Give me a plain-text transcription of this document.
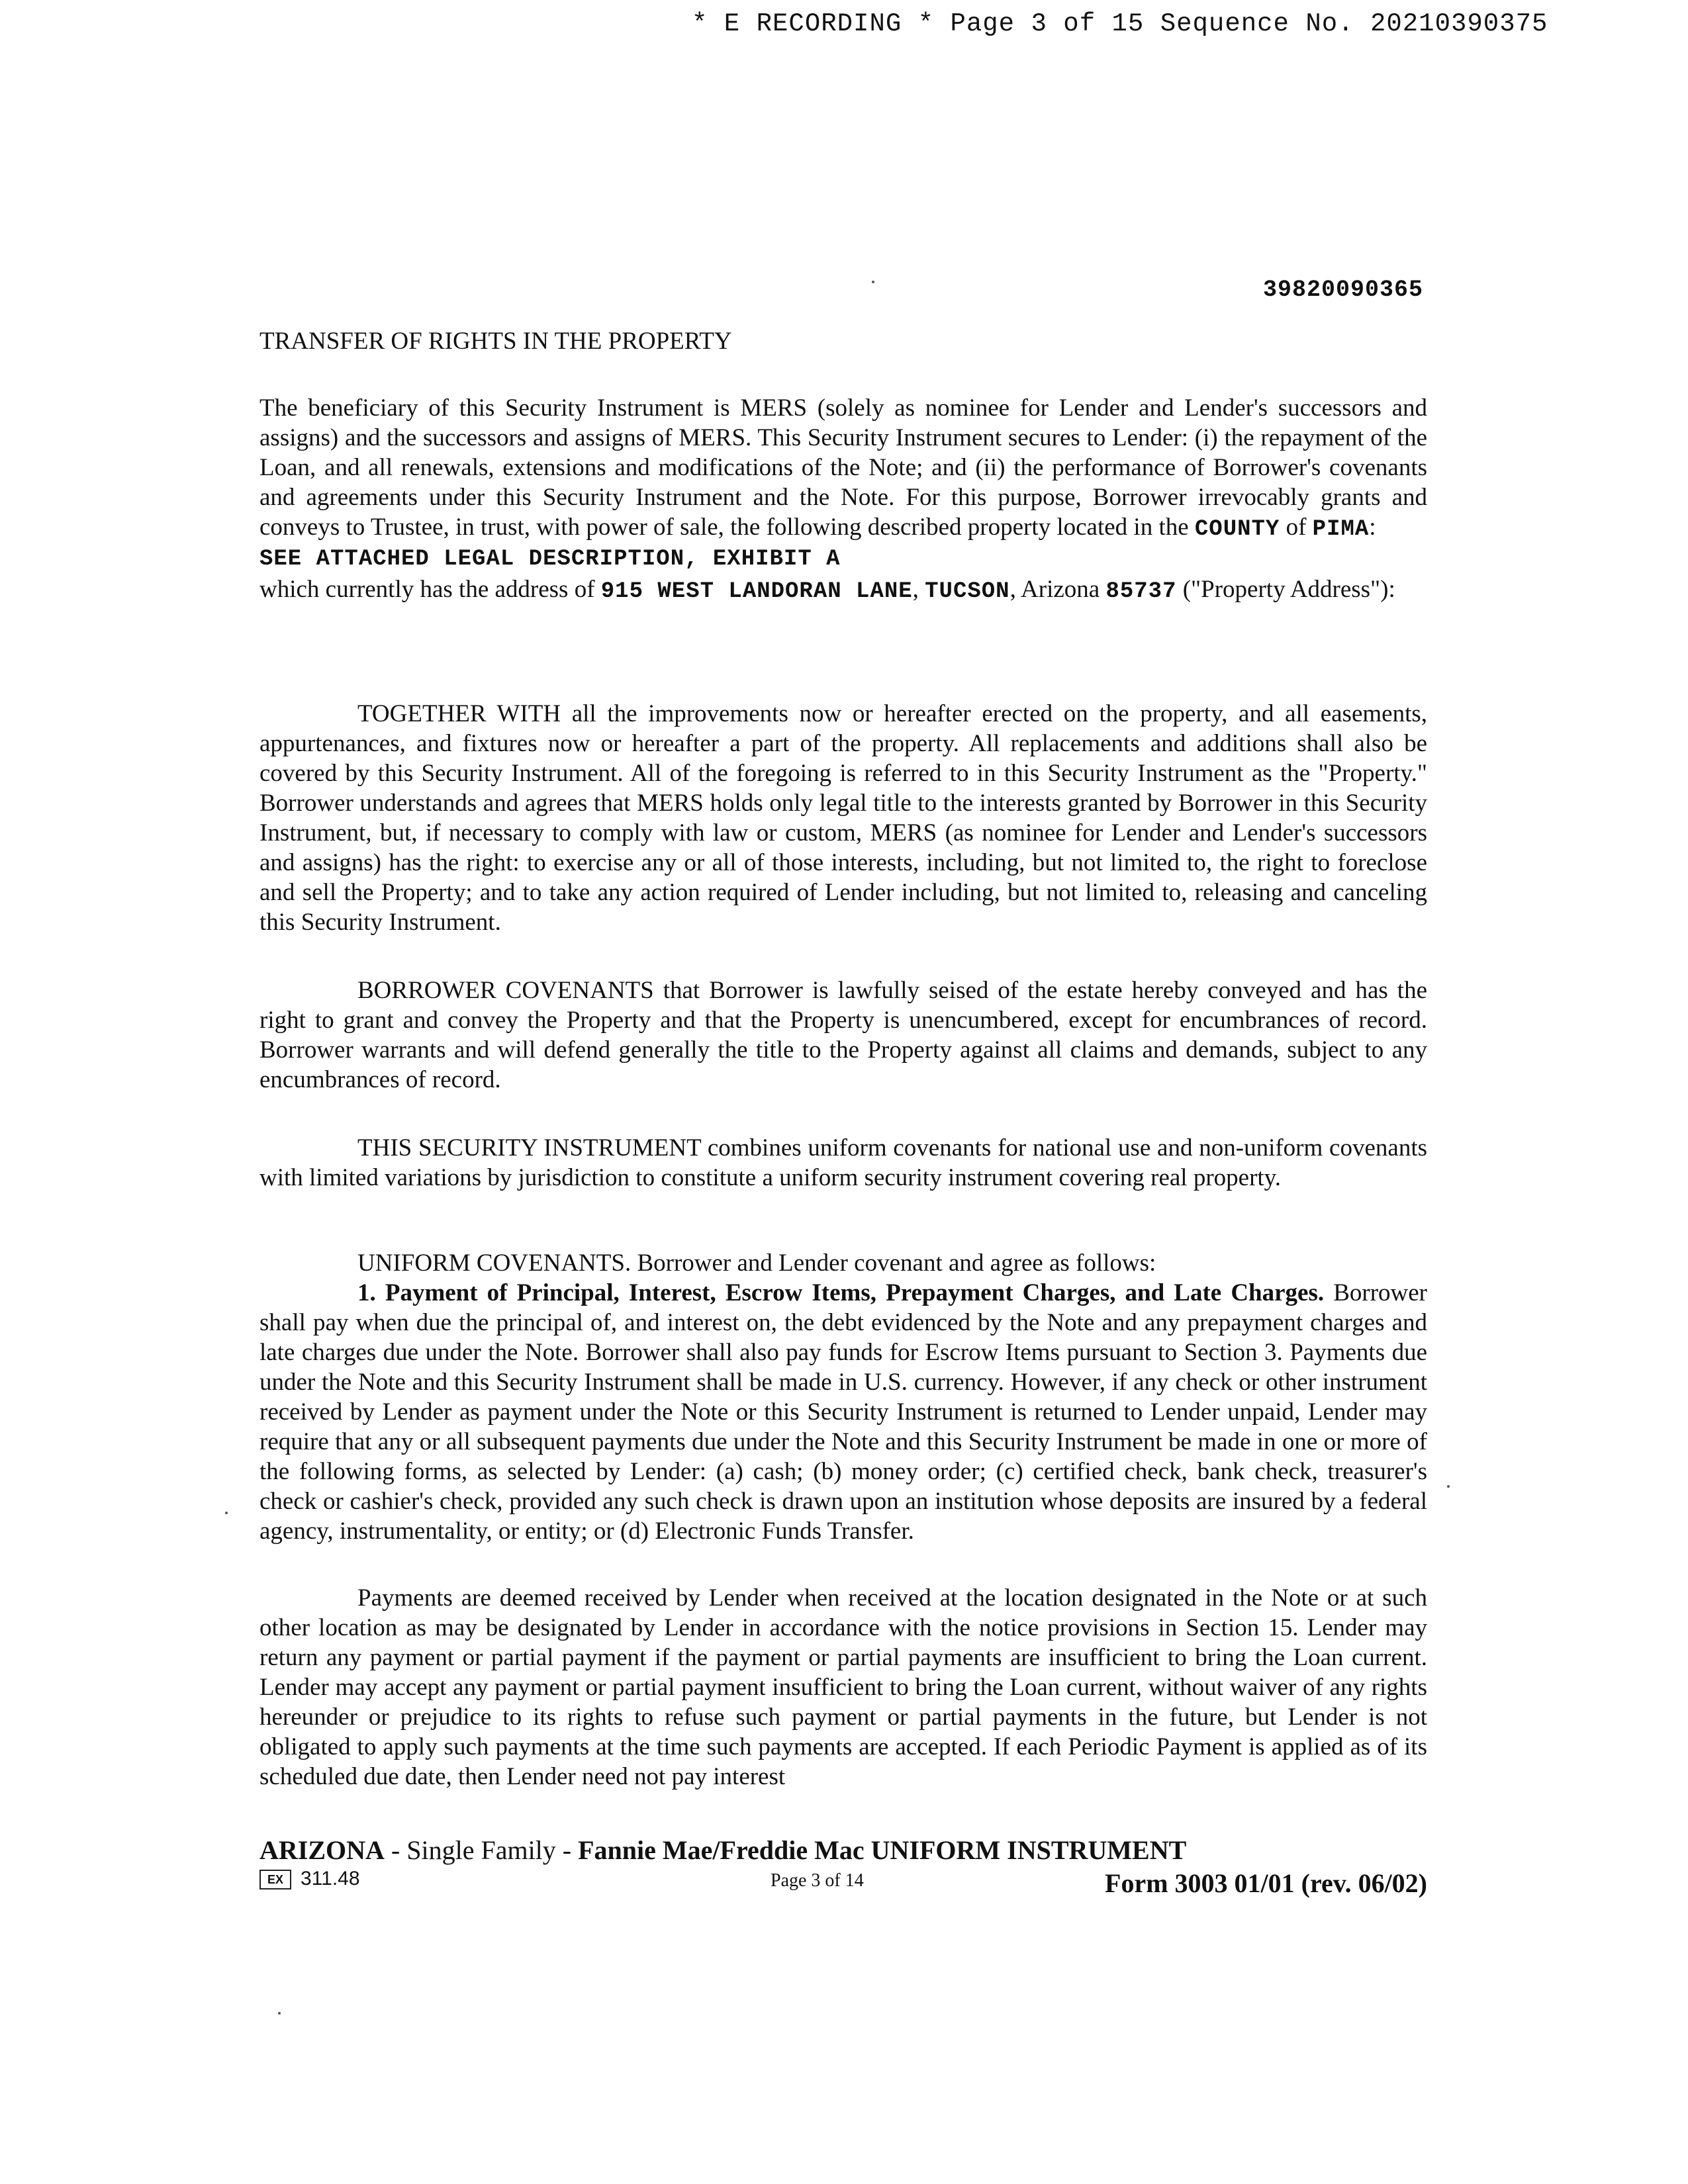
* E RECORDING * Page 3 of 15 Sequence No. 20210390375
39820090365
TRANSFER OF RIGHTS IN THE PROPERTY

The beneficiary of this Security Instrument is MERS (solely as nominee for Lender and Lender's successors and assigns) and the successors and assigns of MERS. This Security Instrument secures to Lender: (i) the repayment of the Loan, and all renewals, extensions and modifications of the Note; and (ii) the performance of Borrower's covenants and agreements under this Security Instrument and the Note. For this purpose, Borrower irrevocably grants and conveys to Trustee, in trust, with power of sale, the following described property located in the COUNTY of PIMA:

SEE ATTACHED LEGAL DESCRIPTION, EXHIBIT A

which currently has the address of 915 WEST LANDORAN LANE, TUCSON, Arizona 85737 ("Property Address"):

TOGETHER WITH all the improvements now or hereafter erected on the property, and all easements, appurtenances, and fixtures now or hereafter a part of the property. All replacements and additions shall also be covered by this Security Instrument. All of the foregoing is referred to in this Security Instrument as the "Property." Borrower understands and agrees that MERS holds only legal title to the interests granted by Borrower in this Security Instrument, but, if necessary to comply with law or custom, MERS (as nominee for Lender and Lender's successors and assigns) has the right: to exercise any or all of those interests, including, but not limited to, the right to foreclose and sell the Property; and to take any action required of Lender including, but not limited to, releasing and canceling this Security Instrument.
BORROWER COVENANTS that Borrower is lawfully seised of the estate hereby conveyed and has the right to grant and convey the Property and that the Property is unencumbered, except for encumbrances of record. Borrower warrants and will defend generally the title to the Property against all claims and demands, subject to any encumbrances of record.
THIS SECURITY INSTRUMENT combines uniform covenants for national use and non-uniform covenants with limited variations by jurisdiction to constitute a uniform security instrument covering real property.

UNIFORM COVENANTS. Borrower and Lender covenant and agree as follows:

1. Payment of Principal, Interest, Escrow Items, Prepayment Charges, and Late Charges. Borrower shall pay when due the principal of, and interest on, the debt evidenced by the Note and any prepayment charges and late charges due under the Note. Borrower shall also pay funds for Escrow Items pursuant to Section 3. Payments due under the Note and this Security Instrument shall be made in U.S. currency. However, if any check or other instrument received by Lender as payment under the Note or this Security Instrument is returned to Lender unpaid, Lender may require that any or all subsequent payments due under the Note and this Security Instrument be made in one or more of the following forms, as selected by Lender: (a) cash; (b) money order; (c) certified check, bank check, treasurer's check or cashier's check, provided any such check is drawn upon an institution whose deposits are insured by a federal agency, instrumentality, or entity; or (d) Electronic Funds Transfer.

Payments are deemed received by Lender when received at the location designated in the Note or at such other location as may be designated by Lender in accordance with the notice provisions in Section 15. Lender may return any payment or partial payment if the payment or partial payments are insufficient to bring the Loan current. Lender may accept any payment or partial payment insufficient to bring the Loan current, without waiver of any rights hereunder or prejudice to its rights to refuse such payment or partial payments in the future, but Lender is not obligated to apply such payments at the time such payments are accepted. If each Periodic Payment is applied as of its scheduled due date, then Lender need not pay interest
ARIZONA - Single Family - Fannie Mae/Freddie Mac UNIFORM INSTRUMENT
EX 311.48	Page 3 of 14	Form 3003 01/01 (rev. 06/02)
